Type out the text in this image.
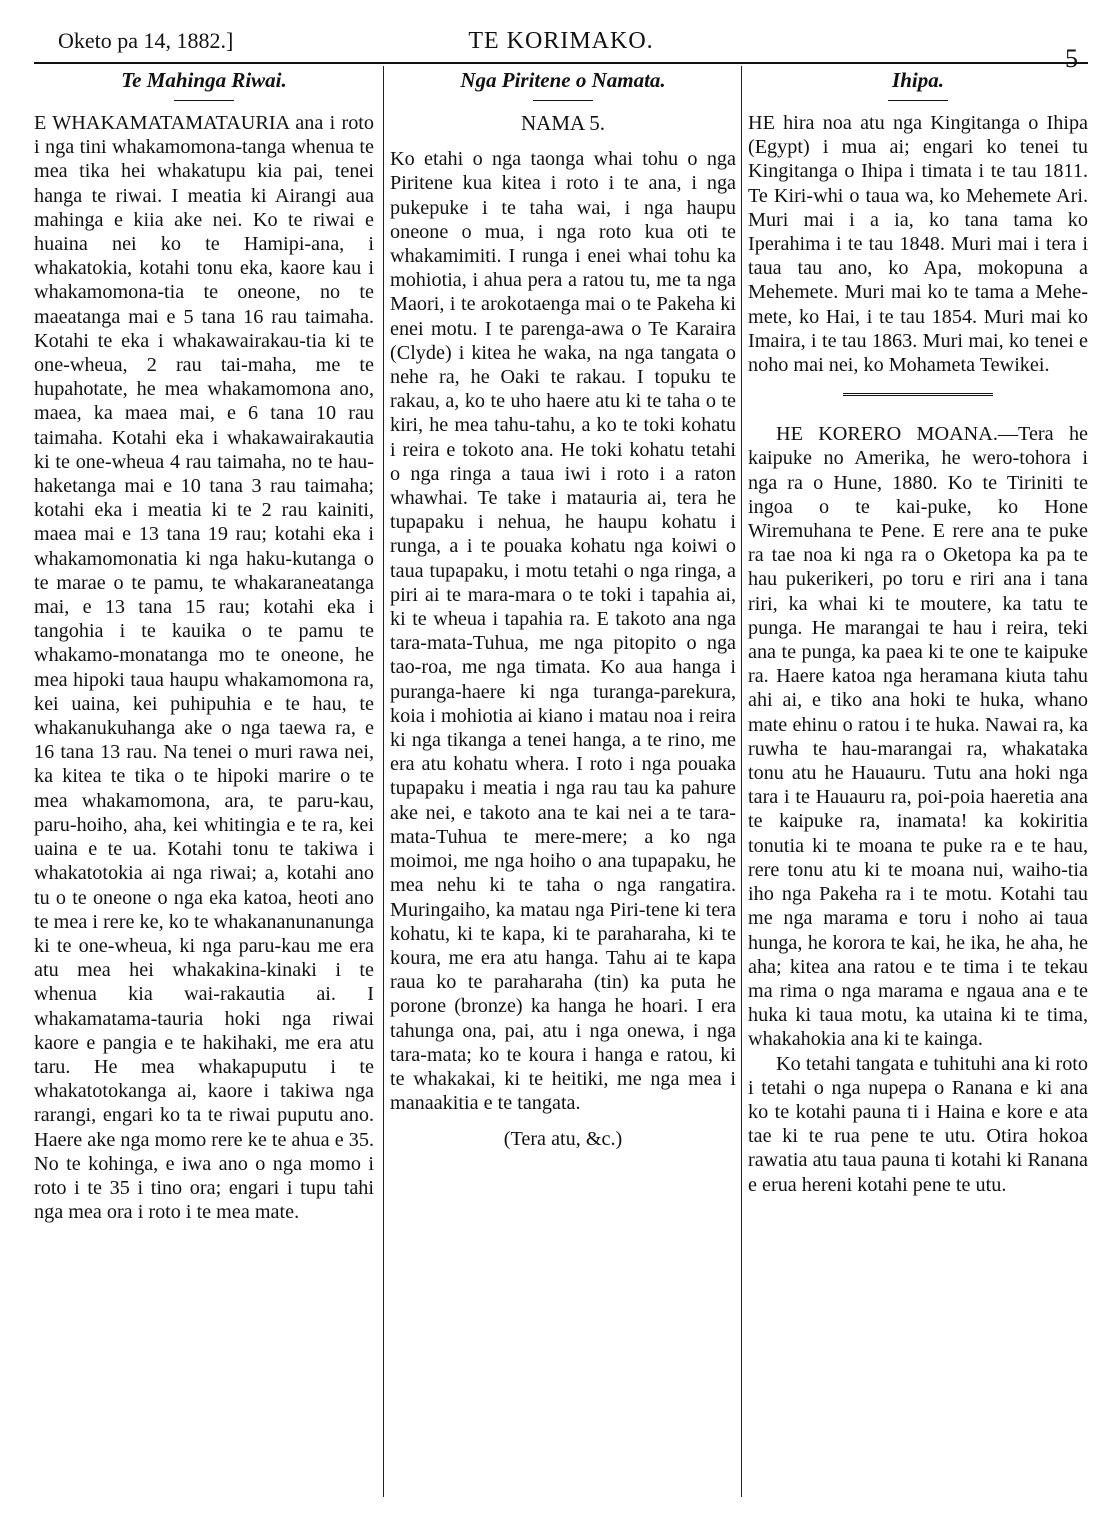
Oketo pa 14, 1882.]	TE KORIMAKO.
5
Te Mahinga Riwai.

E WHAKAMATAMATAURIA ana i roto i nga tini whakamomona-tanga whenua te mea tika hei whakatupu kia pai, tenei hanga te riwai. I meatia ki Airangi aua mahinga e kiia ake nei. Ko te riwai e huaina nei ko te Hamipi-ana, i whakatokia, kotahi tonu eka, kaore kau i whakamomona-tia te oneone, no te maeatanga mai e 5 tana 16 rau taimaha. Kotahi te eka i whakawairakau-tia ki te one-wheua, 2 rau tai-maha, me te hupahotate, he mea whakamomona ano, maea, ka maea mai, e 6 tana 10 rau taimaha. Kotahi eka i whakawairakautia ki te one-wheua 4 rau taimaha, no te hau-haketanga mai e 10 tana 3 rau taimaha; kotahi eka i meatia ki te 2 rau kainiti, maea mai e 13 tana 19 rau; kotahi eka i whakamomonatia ki nga haku-kutanga o te marae o te pamu, te whakaraneatanga mai, e 13 tana 15 rau; kotahi eka i tangohia i te kauika o te pamu te whakamo-monatanga mo te oneone, he mea hipoki taua haupu whakamomona ra, kei uaina, kei puhipuhia e te hau, te whakanukuhanga ake o nga taewa ra, e 16 tana 13 rau. Na tenei o muri rawa nei, ka kitea te tika o te hipoki marire o te mea whakamomona, ara, te paru-kau, paru-hoiho, aha, kei whitingia e te ra, kei uaina e te ua. Kotahi tonu te takiwa i whakatotokia ai nga riwai; a, kotahi ano tu o te oneone o nga eka katoa, heoti ano te mea i rere ke, ko te whakananunanunga ki te one-wheua, ki nga paru-kau me era atu mea hei whakakina-kinaki i te whenua kia wai-rakautia ai. I whakamatama-tauria hoki nga riwai kaore e pangia e te hakihaki, me era atu taru. He mea whakapuputu i te whakatotokanga ai, kaore i takiwa nga rarangi, engari ko ta te riwai puputu ano. Haere ake nga momo rere ke te ahua e 35. No te kohinga, e iwa ano o nga momo i roto i te 35 i tino ora; engari i tupu tahi nga mea ora i roto i te mea mate.

Nga Piritene o Namata.
NAMA 5.

Ko etahi o nga taonga whai tohu o nga Piritene kua kitea i roto i te ana, i nga pukepuke i te taha wai, i nga haupu oneone o mua, i nga roto kua oti te whakamimiti. I runga i enei whai tohu ka mohiotia, i ahua pera a ratou tu, me ta nga Maori, i te arokotaenga mai o te Pakeha ki enei motu. I te parenga-awa o Te Karaira (Clyde) i kitea he waka, na nga tangata o nehe ra, he Oaki te rakau. I topuku te rakau, a, ko te uho haere atu ki te taha o te kiri, he mea tahu-tahu, a ko te toki kohatu i reira e tokoto ana. He toki kohatu tetahi o nga ringa a taua iwi i roto i a raton whawhai. Te take i matauria ai, tera he tupapaku i nehua, he haupu kohatu i runga, a i te pouaka kohatu nga koiwi o taua tupapaku, i motu tetahi o nga ringa, a piri ai te mara-mara o te toki i tapahia ai, ki te wheua i tapahia ra. E takoto ana nga tara-mata-Tuhua, me nga pitopito o nga tao-roa, me nga timata. Ko aua hanga i puranga-haere ki nga turanga-parekura, koia i mohiotia ai kiano i matau noa i reira ki nga tikanga a tenei hanga, a te rino, me era atu kohatu whera. I roto i nga pouaka tupapaku i meatia i nga rau tau ka pahure ake nei, e takoto ana te kai nei a te tara-mata-Tuhua te mere-mere; a ko nga moimoi, me nga hoiho o ana tupapaku, he mea nehu ki te taha o nga rangatira. Muringaiho, ka matau nga Piri-tene ki tera kohatu, ki te kapa, ki te paraharaha, ki te koura, me era atu hanga. Tahu ai te kapa raua ko te paraharaha (tin) ka puta he porone (bronze) ka hanga he hoari. I era tahunga ona, pai, atu i nga onewa, i nga tara-mata; ko te koura i hanga e ratou, ki te whakakai, ki te heitiki, me nga mea i manaakitia e te tangata.

(Tera atu, &c.)
Ihipa.

HE hira noa atu nga Kingitanga o Ihipa (Egypt) i mua ai; engari ko tenei tu Kingitanga o Ihipa i timata i te tau 1811. Te Kiri-whi o taua wa, ko Mehemete Ari. Muri mai i a ia, ko tana tama ko Iperahima i te tau 1848. Muri mai i tera i taua tau ano, ko Apa, mokopuna a Mehemete. Muri mai ko te tama a Mehe-mete, ko Hai, i te tau 1854. Muri mai ko Imaira, i te tau 1863. Muri mai, ko tenei e noho mai nei, ko Mohameta Tewikei.

HE KORERO MOANA.—Tera he kaipuke no Amerika, he wero-tohora i nga ra o Hune, 1880. Ko te Tiriniti te ingoa o te kai-puke, ko Hone Wiremuhana te Pene. E rere ana te puke ra tae noa ki nga ra o Oketopa ka pa te hau pukerikeri, po toru e riri ana i tana riri, ka whai ki te moutere, ka tatu te punga. He marangai te hau i reira, teki ana te punga, ka paea ki te one te kaipuke ra. Haere katoa nga heramana kiuta tahu ahi ai, e tiko ana hoki te huka, whano mate ehinu o ratou i te huka. Nawai ra, ka ruwha te hau-marangai ra, whakataka tonu atu he Hauauru. Tutu ana hoki nga tara i te Hauauru ra, poi-poia haeretia ana te kaipuke ra, inamata! ka kokiritia tonutia ki te moana te puke ra e te hau, rere tonu atu ki te moana nui, waiho-tia iho nga Pakeha ra i te motu. Kotahi tau me nga marama e toru i noho ai taua hunga, he korora te kai, he ika, he aha, he aha; kitea ana ratou e te tima i te tekau ma rima o nga marama e ngaua ana e te huka ki taua motu, ka utaina ki te tima, whakahokia ana ki te kainga.

Ko tetahi tangata e tuhituhi ana ki roto i tetahi o nga nupepa o Ranana e ki ana ko te kotahi pauna ti i Haina e kore e ata tae ki te rua pene te utu. Otira hokoa rawatia atu taua pauna ti kotahi ki Ranana e erua hereni kotahi pene te utu.
